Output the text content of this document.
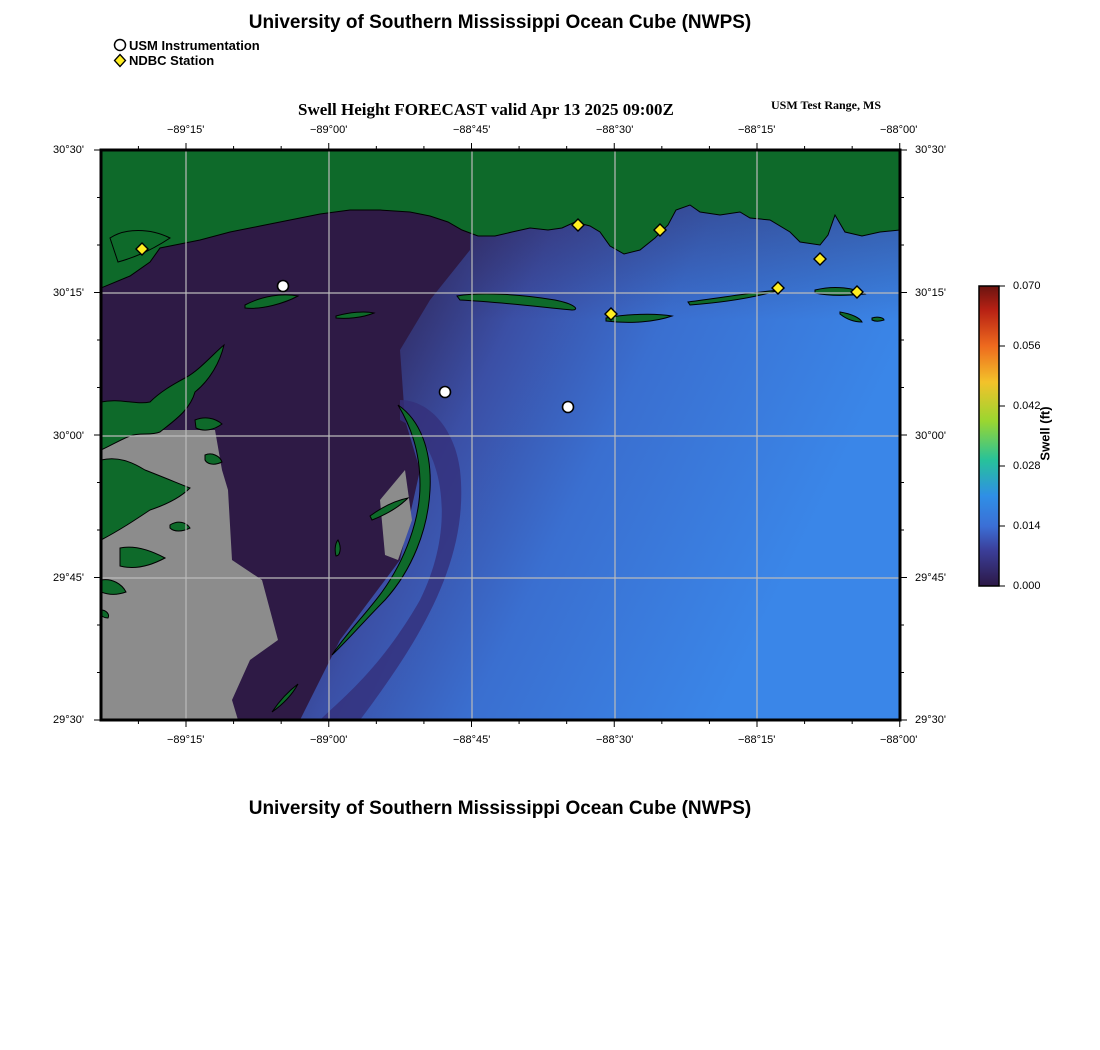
University of Southern Mississippi Ocean Cube (NWPS)
University of Southern Mississippi Ocean Cube (NWPS)
USM Instrumentation
NDBC Station
Swell Height FORECAST valid Apr 13 2025 09:00Z	USM Test Range, MS
−89°15'	−89°00'	−88°45'	−88°30'	−88°15'	−88°00'
−89°15'	−89°00'	−88°45'	−88°30'	−88°15'	−88°00'
30°30'
30°15'
30°00'
29°45'
29°30'
30°30'
30°15'
30°00'
29°45'
29°30'
0.070
0.056
0.042
0.028
0.014
0.000
Swell (ft)
